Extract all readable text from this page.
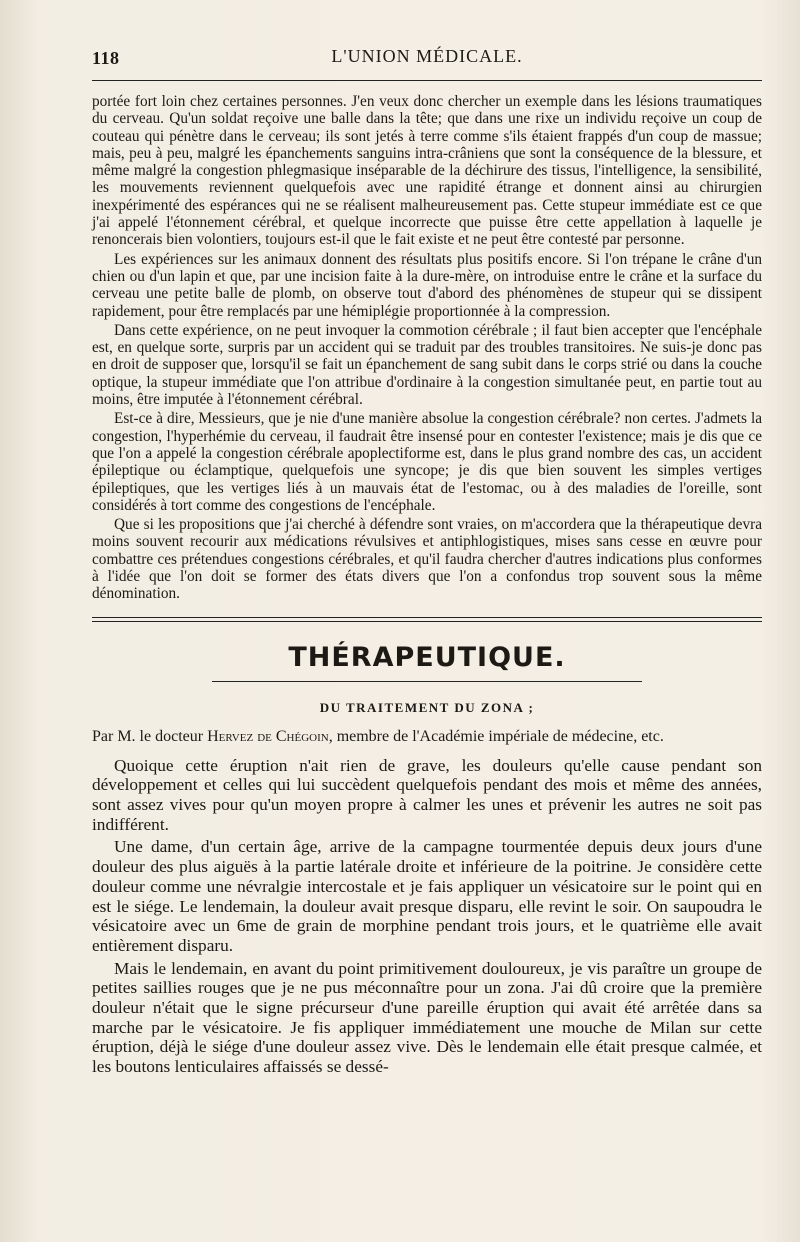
118	L'UNION MÉDICALE.

portée fort loin chez certaines personnes. J'en veux donc chercher un exemple dans les lésions traumatiques du cerveau. Qu'un soldat reçoive une balle dans la tête; que dans une rixe un individu reçoive un coup de couteau qui pénètre dans le cerveau; ils sont jetés à terre comme s'ils étaient frappés d'un coup de massue; mais, peu à peu, malgré les épanchements sanguins intra-crâniens que sont la conséquence de la blessure, et même malgré la congestion phlegmasique inséparable de la déchirure des tissus, l'intelligence, la sensibilité, les mouvements reviennent quelquefois avec une rapidité étrange et donnent ainsi au chirurgien inexpérimenté des espérances qui ne se réalisent malheureusement pas. Cette stupeur immédiate est ce que j'ai appelé l'étonnement cérébral, et quelque incorrecte que puisse être cette appellation à laquelle je renoncerais bien volontiers, toujours est-il que le fait existe et ne peut être contesté par personne.

Les expériences sur les animaux donnent des résultats plus positifs encore. Si l'on trépane le crâne d'un chien ou d'un lapin et que, par une incision faite à la dure-mère, on introduise entre le crâne et la surface du cerveau une petite balle de plomb, on observe tout d'abord des phénomènes de stupeur qui se dissipent rapidement, pour être remplacés par une hémiplégie proportionnée à la compression.

Dans cette expérience, on ne peut invoquer la commotion cérébrale ; il faut bien accepter que l'encéphale est, en quelque sorte, surpris par un accident qui se traduit par des troubles transitoires. Ne suis-je donc pas en droit de supposer que, lorsqu'il se fait un épanchement de sang subit dans le corps strié ou dans la couche optique, la stupeur immédiate que l'on attribue d'ordinaire à la congestion simultanée peut, en partie tout au moins, être imputée à l'étonnement cérébral.

Est-ce à dire, Messieurs, que je nie d'une manière absolue la congestion cérébrale? non certes. J'admets la congestion, l'hyperhémie du cerveau, il faudrait être insensé pour en contester l'existence; mais je dis que ce que l'on a appelé la congestion cérébrale apoplectiforme est, dans le plus grand nombre des cas, un accident épileptique ou éclamptique, quelquefois une syncope; je dis que bien souvent les simples vertiges épileptiques, que les vertiges liés à un mauvais état de l'estomac, ou à des maladies de l'oreille, sont considérés à tort comme des congestions de l'encéphale.

Que si les propositions que j'ai cherché à défendre sont vraies, on m'accordera que la thérapeutique devra moins souvent recourir aux médications révulsives et antiphlogistiques, mises sans cesse en œuvre pour combattre ces prétendues congestions cérébrales, et qu'il faudra chercher d'autres indications plus conformes à l'idée que l'on doit se former des états divers que l'on a confondus trop souvent sous la même dénomination.

THÉRAPEUTIQUE.
DU TRAITEMENT DU ZONA ;
Par M. le docteur Hervez de Chégoin, membre de l'Académie impériale de médecine, etc.

Quoique cette éruption n'ait rien de grave, les douleurs qu'elle cause pendant son développement et celles qui lui succèdent quelquefois pendant des mois et même des années, sont assez vives pour qu'un moyen propre à calmer les unes et prévenir les autres ne soit pas indifférent.

Une dame, d'un certain âge, arrive de la campagne tourmentée depuis deux jours d'une douleur des plus aiguës à la partie latérale droite et inférieure de la poitrine. Je considère cette douleur comme une névralgie intercostale et je fais appliquer un vésicatoire sur le point qui en est le siége. Le lendemain, la douleur avait presque disparu, elle revint le soir. On saupoudra le vésicatoire avec un 6me de grain de morphine pendant trois jours, et le quatrième elle avait entièrement disparu.

Mais le lendemain, en avant du point primitivement douloureux, je vis paraître un groupe de petites saillies rouges que je ne pus méconnaître pour un zona. J'ai dû croire que la première douleur n'était que le signe précurseur d'une pareille éruption qui avait été arrêtée dans sa marche par le vésicatoire. Je fis appliquer immédiatement une mouche de Milan sur cette éruption, déjà le siége d'une douleur assez vive. Dès le lendemain elle était presque calmée, et les boutons lenticulaires affaissés se dessé-
